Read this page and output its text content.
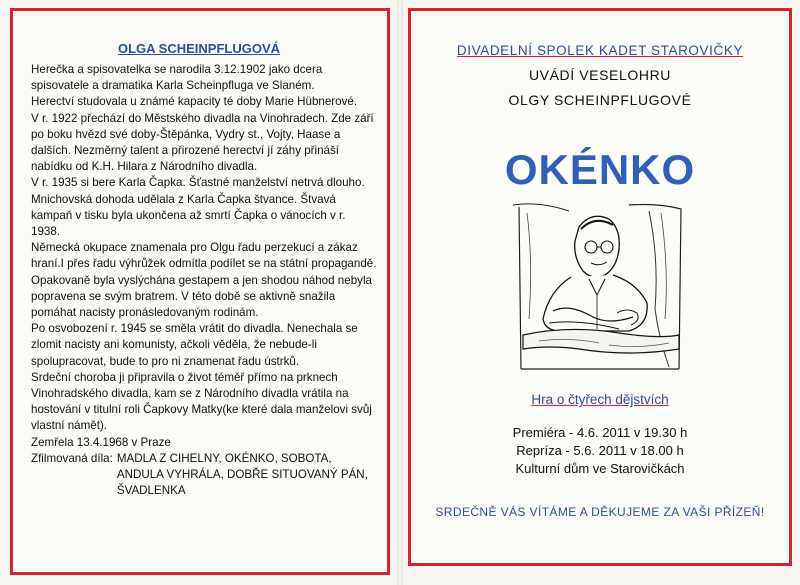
OLGA SCHEINPFLUGOVÁ

Herečka a spisovatelka se narodila 3.12.1902 jako dcera spisovatele a dramatika Karla Scheinpfluga ve Slaném.

Herectví studovala u známé kapacity té doby Marie Hübnerové.

V r. 1922 přechází do Městského divadla na Vinohradech. Zde září po boku hvězd své doby-Štěpánka, Vydry st., Vojty, Haase a dalších. Nezměrný talent a přirozené herectví jí záhy přináší nabídku od K.H. Hilara z Národního divadla.

V r. 1935 si bere Karla Čapka. Šťastné manželství netrvá dlouho. Mnichovská dohoda udělala z Karla Čapka štvance. Štvavá kampaň v tisku byla ukončena až smrtí Čapka o vánocích v r. 1938.

Německá okupace znamenala pro Olgu řadu perzekucí a zákaz hraní.I přes řadu výhrůžek odmítla podílet se na státní propagandě. Opakovaně byla vyslýchána gestapem a jen shodou náhod nebyla popravena se svým bratrem. V této době se aktivně snažila pomáhat nacisty pronásledovaným rodinám.

Po osvobození r. 1945 se směla vrátit do divadla. Nenechala se zlomit nacisty ani komunisty, ačkoli věděla, že nebude-li spolupracovat, bude to pro ni znamenat řadu ústrků.

Srdeční choroba ji připravila o život téměř přímo na prknech Vinohradského divadla, kam se z Národního divadla vrátila na hostování v titulní roli Čapkovy Matky(ke které dala manželovi svůj vlastní námět).

Zemřela 13.4.1968 v Praze

Zfilmovaná díla: MADLA Z CIHELNY, OKÉNKO, SOBOTA, ANDULA VYHRÁLA, DOBŘE SITUOVANÝ PÁN, ŠVADLENKA

DIVADELNÍ SPOLEK KADET STAROVIČKY
UVÁDÍ VESELOHRU
OLGY SCHEINPFLUGOVÉ
OKÉNKO
Hra o čtyřech dějstvích
Premiéra - 4.6. 2011 v 19.30 h
Repríza - 5.6. 2011 v 18.00 h
Kulturní dům ve Starovičkách
SRDEČNĚ VÁS VÍTÁME A DĚKUJEME ZA VAŠI PŘÍZEŇ!
